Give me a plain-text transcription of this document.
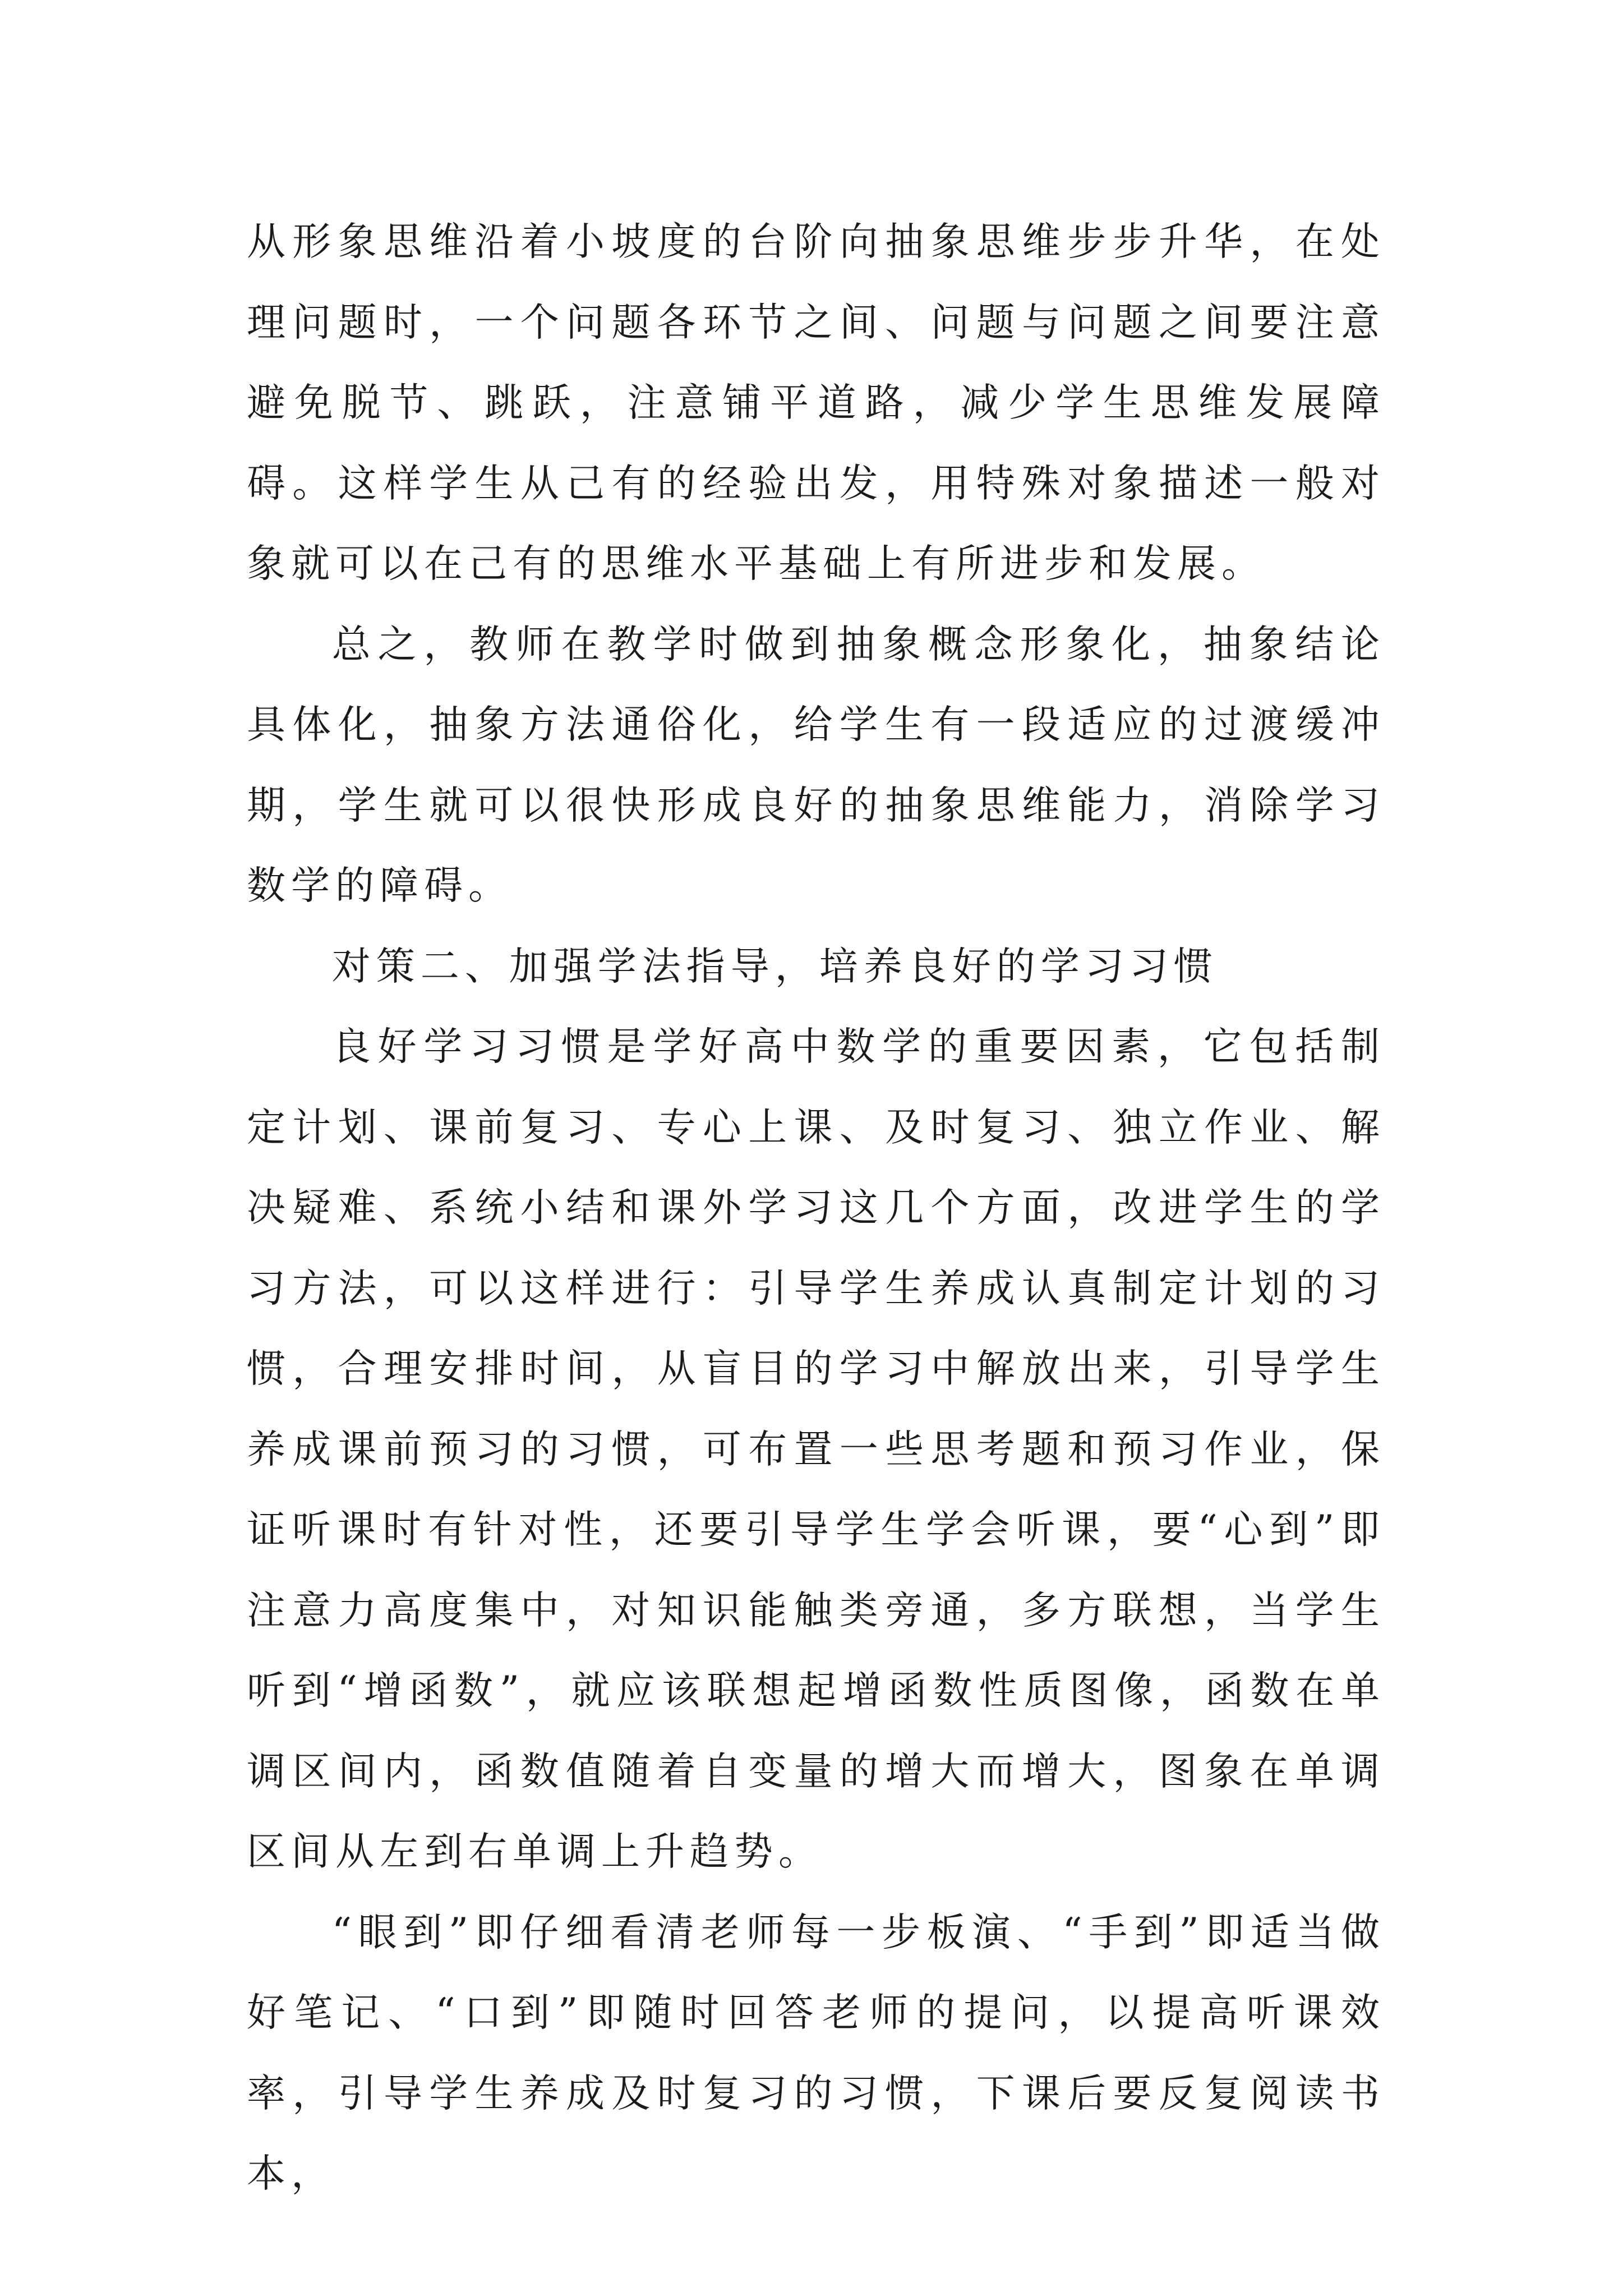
从形象思维沿着小坡度的台阶向抽象思维步步升华，在处理问题时，一个问题各环节之间、问题与问题之间要注意避免脱节、跳跃，注意铺平道路，减少学生思维发展障碍。这样学生从己有的经验出发，用特殊对象描述一般对象就可以在己有的思维水平基础上有所进步和发展。

总之，教师在教学时做到抽象概念形象化，抽象结论具体化，抽象方法通俗化，给学生有一段适应的过渡缓冲期，学生就可以很快形成良好的抽象思维能力，消除学习数学的障碍。

对策二、加强学法指导，培养良好的学习习惯

良好学习习惯是学好高中数学的重要因素，它包括制定计划、课前复习、专心上课、及时复习、独立作业、解决疑难、系统小结和课外学习这几个方面，改进学生的学习方法，可以这样进行：引导学生养成认真制定计划的习惯，合理安排时间，从盲目的学习中解放出来，引导学生养成课前预习的习惯，可布置一些思考题和预习作业，保证听课时有针对性，还要引导学生学会听课，要“心到”即注意力高度集中，对知识能触类旁通，多方联想，当学生听到“增函数”，就应该联想起增函数性质图像，函数在单调区间内，函数值随着自变量的增大而增大，图象在单调区间从左到右单调上升趋势。

“眼到”即仔细看清老师每一步板演、“手到”即适当做好笔记、“口到”即随时回答老师的提问，以提高听课效率，引导学生养成及时复习的习惯，下课后要反复阅读书本，
